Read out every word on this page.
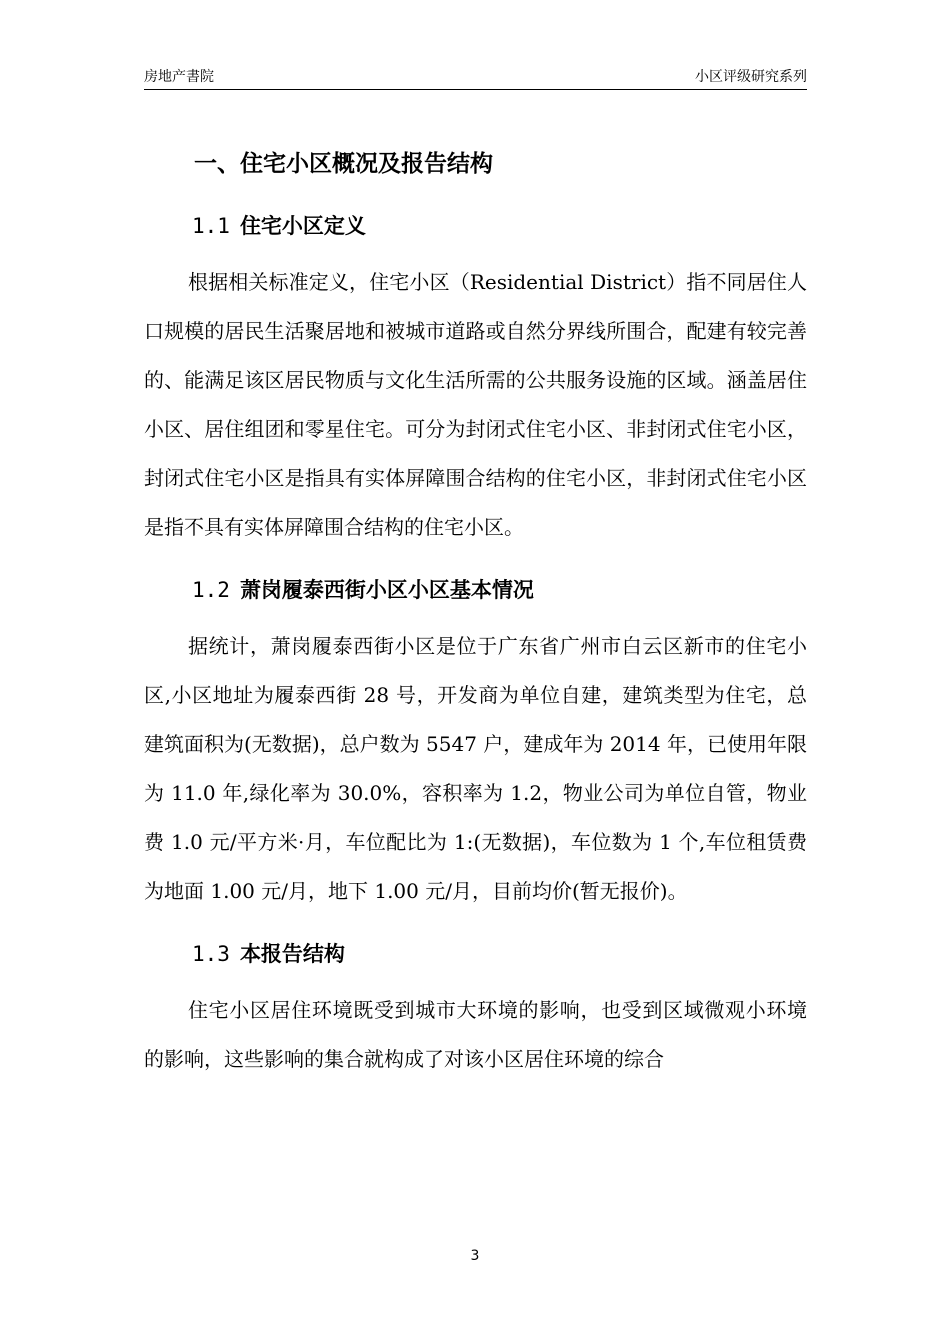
房地产書院	小区评级研究系列
一、住宅小区概况及报告结构
1.1 住宅小区定义

根据相关标准定义，住宅小区（Residential District）指不同居住人口规模的居民生活聚居地和被城市道路或自然分界线所围合，配建有较完善的、能满足该区居民物质与文化生活所需的公共服务设施的区域。涵盖居住小区、居住组团和零星住宅。可分为封闭式住宅小区、非封闭式住宅小区，封闭式住宅小区是指具有实体屏障围合结构的住宅小区，非封闭式住宅小区是指不具有实体屏障围合结构的住宅小区。

1.2 萧岗履泰西街小区小区基本情况

据统计，萧岗履泰西街小区是位于广东省广州市白云区新市的住宅小区,小区地址为履泰西街 28 号，开发商为单位自建，建筑类型为住宅，总建筑面积为(无数据)，总户数为 5547 户，建成年为 2014 年，已使用年限为 11.0 年,绿化率为 30.0%，容积率为 1.2，物业公司为单位自管，物业费 1.0 元/平方米·月，车位配比为 1:(无数据)，车位数为 1 个,车位租赁费为地面 1.00 元/月，地下 1.00 元/月，目前均价(暂无报价)。

1.3 本报告结构

住宅小区居住环境既受到城市大环境的影响，也受到区域微观小环境的影响，这些影响的集合就构成了对该小区居住环境的综合

3
